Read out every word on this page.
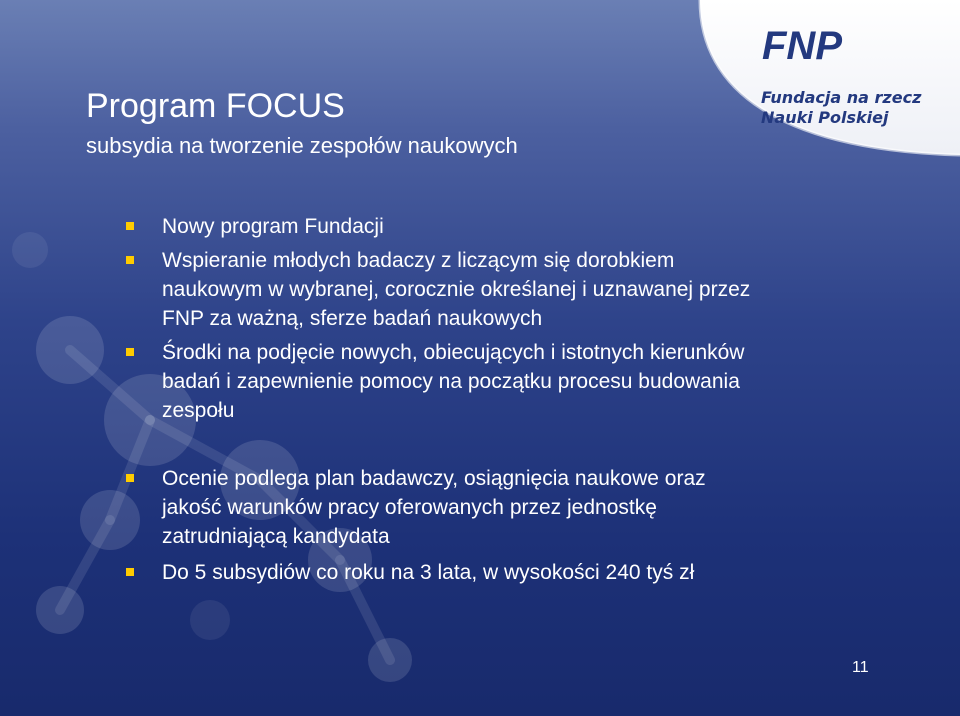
FNP
Fundacja na rzecz
Nauki Polskiej
Program FOCUS
subsydia na tworzenie zespołów naukowych
Nowy program Fundacji
Wspieranie młodych badaczy z liczącym się dorobkiem
naukowym w wybranej, corocznie określanej i uznawanej przez
FNP za ważną, sferze badań naukowych
Środki na podjęcie nowych, obiecujących i istotnych kierunków
badań i zapewnienie pomocy na początku procesu budowania
zespołu
Ocenie podlega plan badawczy, osiągnięcia naukowe oraz
jakość warunków pracy oferowanych przez jednostkę
zatrudniającą kandydata
Do 5 subsydiów co roku na 3 lata, w wysokości 240 tyś zł
11
